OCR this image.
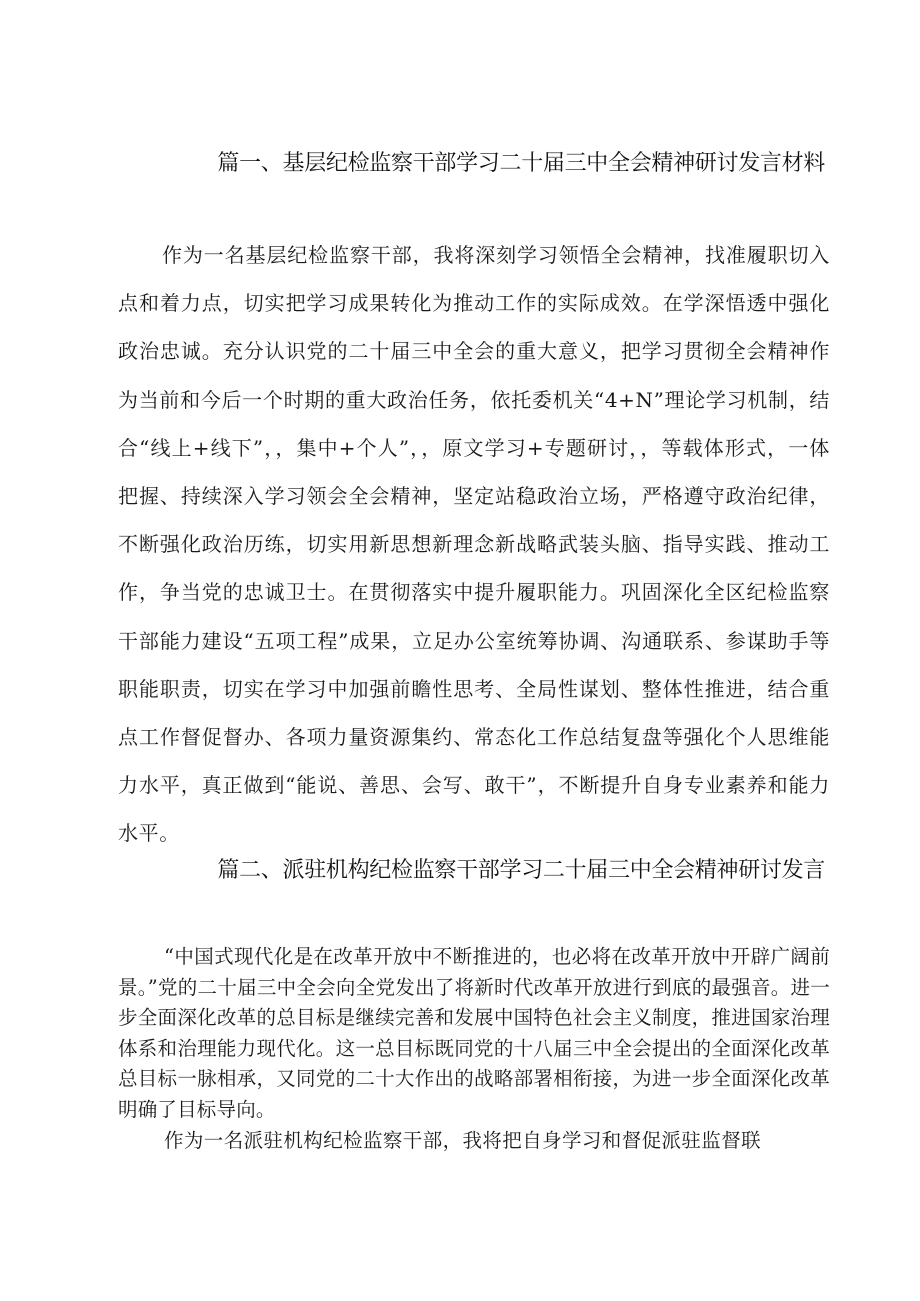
篇一、基层纪检监察干部学习二十届三中全会精神研讨发言材料

作为一名基层纪检监察干部，我将深刻学习领悟全会精神，找准履职切入点和着力点，切实把学习成果转化为推动工作的实际成效。在学深悟透中强化政治忠诚。充分认识党的二十届三中全会的重大意义，把学习贯彻全会精神作为当前和今后一个时期的重大政治任务，依托委机关“4+N”理论学习机制，结合“线上+线下”，，集中+个人”，，原文学习+专题研讨，，等载体形式，一体把握、持续深入学习领会全会精神，坚定站稳政治立场，严格遵守政治纪律，不断强化政治历练，切实用新思想新理念新战略武装头脑、指导实践、推动工作，争当党的忠诚卫士。在贯彻落实中提升履职能力。巩固深化全区纪检监察干部能力建设“五项工程”成果，立足办公室统筹协调、沟通联系、参谋助手等职能职责，切实在学习中加强前瞻性思考、全局性谋划、整体性推进，结合重点工作督促督办、各项力量资源集约、常态化工作总结复盘等强化个人思维能力水平，真正做到“能说、善思、会写、敢干”，不断提升自身专业素养和能力水平。

篇二、派驻机构纪检监察干部学习二十届三中全会精神研讨发言

“中国式现代化是在改革开放中不断推进的，也必将在改革开放中开辟广阔前景。”党的二十届三中全会向全党发出了将新时代改革开放进行到底的最强音。进一步全面深化改革的总目标是继续完善和发展中国特色社会主义制度，推进国家治理体系和治理能力现代化。这一总目标既同党的十八届三中全会提出的全面深化改革总目标一脉相承，又同党的二十大作出的战略部署相衔接，为进一步全面深化改革明确了目标导向。

作为一名派驻机构纪检监察干部，我将把自身学习和督促派驻监督联
